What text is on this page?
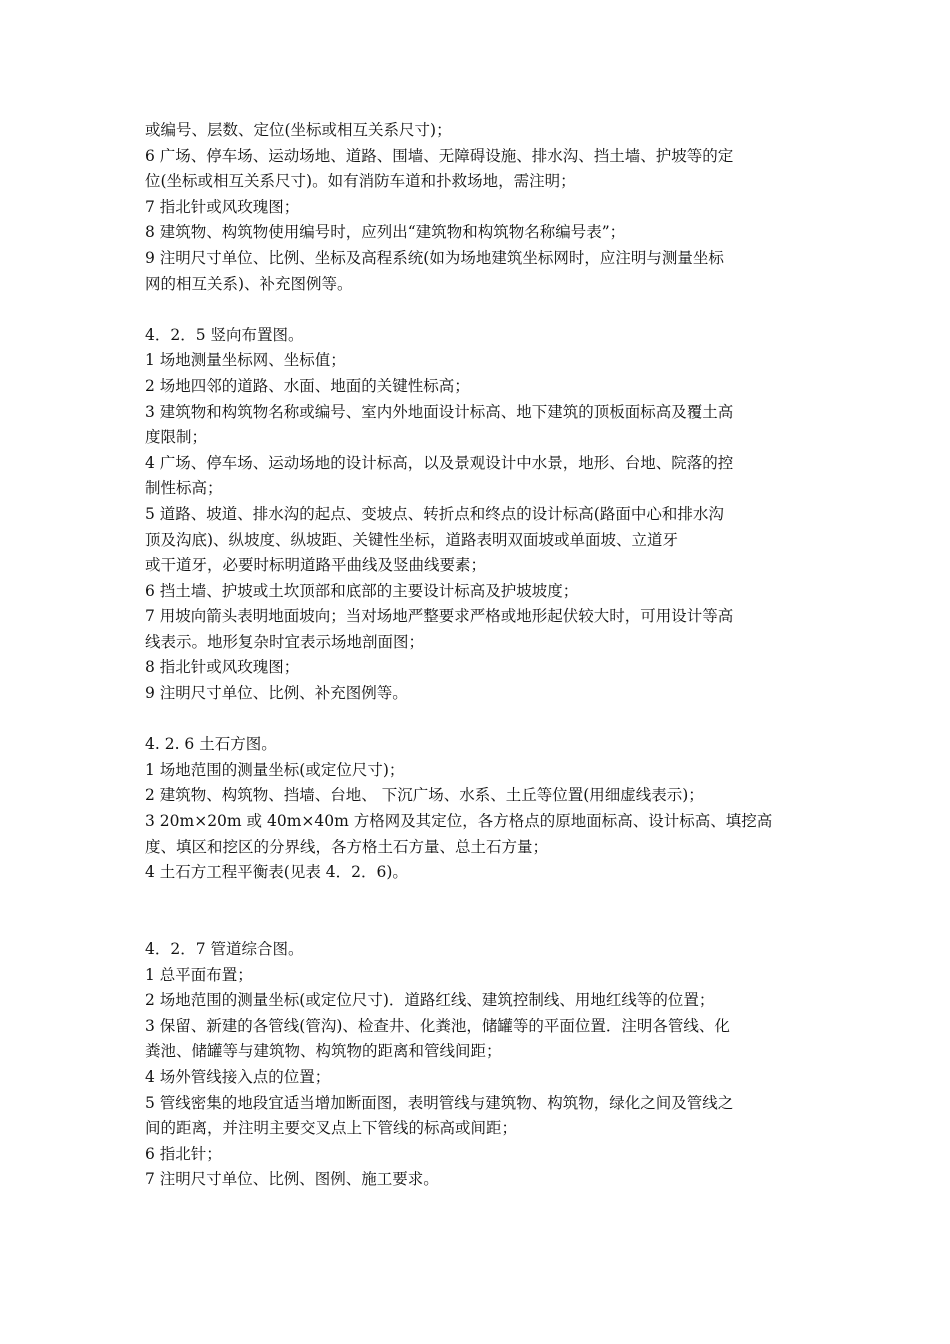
或编号、层数、定位(坐标或相互关系尺寸)；
6 广场、停车场、运动场地、道路、围墙、无障碍设施、排水沟、挡土墙、护坡等的定
位(坐标或相互关系尺寸)。如有消防车道和扑救场地，需注明；
7 指北针或风玫瑰图；
8 建筑物、构筑物使用编号时，应列出“建筑物和构筑物名称编号表”；
9 注明尺寸单位、比例、坐标及高程系统(如为场地建筑坐标网时，应注明与测量坐标
网的相互关系)、补充图例等。
4．2．5 竖向布置图。
1 场地测量坐标网、坐标值；
2 场地四邻的道路、水面、地面的关键性标高；
3 建筑物和构筑物名称或编号、室内外地面设计标高、地下建筑的顶板面标高及覆土高
度限制；
4 广场、停车场、运动场地的设计标高，以及景观设计中水景，地形、台地、院落的控
制性标高；
5 道路、坡道、排水沟的起点、变坡点、转折点和终点的设计标高(路面中心和排水沟
顶及沟底)、纵坡度、纵坡距、关键性坐标，道路表明双面坡或单面坡、立道牙
或干道牙，必要时标明道路平曲线及竖曲线要素；
6 挡土墙、护坡或土坎顶部和底部的主要设计标高及护坡坡度；
7 用坡向箭头表明地面坡向；当对场地严整要求严格或地形起伏较大时，可用设计等高
线表示。地形复杂时宜表示场地剖面图；
8 指北针或风玫瑰图；
9 注明尺寸单位、比例、补充图例等。
4. 2. 6 土石方图。
1 场地范围的测量坐标(或定位尺寸)；
2 建筑物、构筑物、挡墙、台地、 下沉广场、水系、土丘等位置(用细虚线表示)；
3 20m×20m 或 40m×40m 方格网及其定位，各方格点的原地面标高、设计标高、填挖高
度、填区和挖区的分界线，各方格土石方量、总土石方量；
4 土石方工程平衡表(见表 4．2．6)。
4．2．7 管道综合图。
1 总平面布置；
2 场地范围的测量坐标(或定位尺寸)．道路红线、建筑控制线、用地红线等的位置；
3 保留、新建的各管线(管沟)、检查井、化粪池，储罐等的平面位置．注明各管线、化
粪池、储罐等与建筑物、构筑物的距离和管线间距；
4 场外管线接入点的位置；
5 管线密集的地段宜适当增加断面图，表明管线与建筑物、构筑物，绿化之间及管线之
间的距离，并注明主要交叉点上下管线的标高或间距；
6 指北针；
7 注明尺寸单位、比例、图例、施工要求。
